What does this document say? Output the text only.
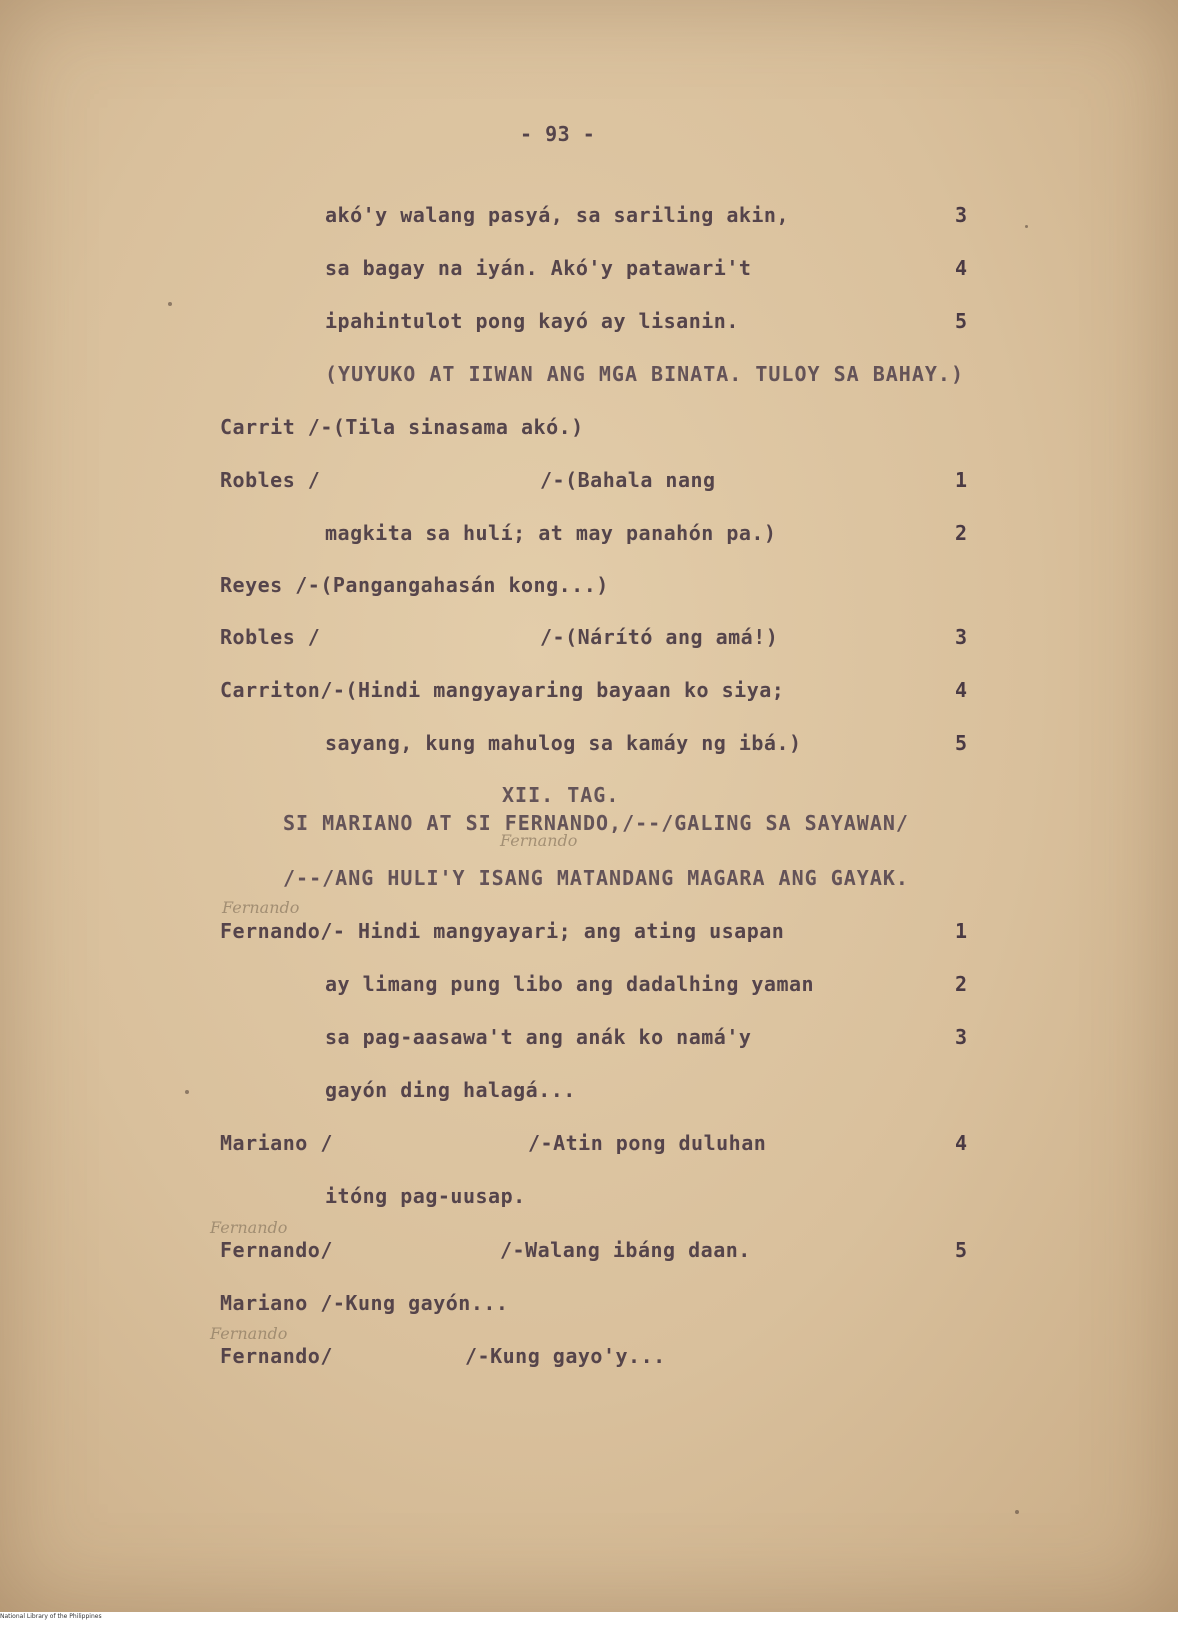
- 93 -
akó'y walang pasyá, sa sariling akin,	3
sa bagay na iyán. Akó'y patawari't	4
ipahintulot pong kayó ay lisanin.	5
(YUYUKO AT IIWAN ANG MGA BINATA. TULOY SA BAHAY.)
Carrit /-(Tila sinasama akó.)
Robles /	/-(Bahala nang	1
magkita sa hulí; at may panahón pa.)	2
Reyes /-(Pangangahasán kong...)
Robles /	/-(Nárító ang amá!)	3
Carriton/-(Hindi mangyayaring bayaan ko siya;	4
sayang, kung mahulog sa kamáy ng ibá.)	5
XII. TAG.
SI MARIANO AT SI FERNANDO,/--/GALING SA SAYAWAN/
Fernando
/--/ANG HULI'Y ISANG MATANDANG MAGARA ANG GAYAK.
Fernando
Fernando/- Hindi mangyayari; ang ating usapan	1
ay limang pung libo ang dadalhing yaman	2
sa pag-aasawa't ang anák ko namá'y	3
gayón ding halagá...
Mariano /	/-Atin pong duluhan	4
itóng pag-uusap.
Fernando
Fernando/	/-Walang ibáng daan.	5
Mariano /-Kung gayón...
Fernando
Fernando/	/-Kung gayo'y...
National Library of the Philippines
